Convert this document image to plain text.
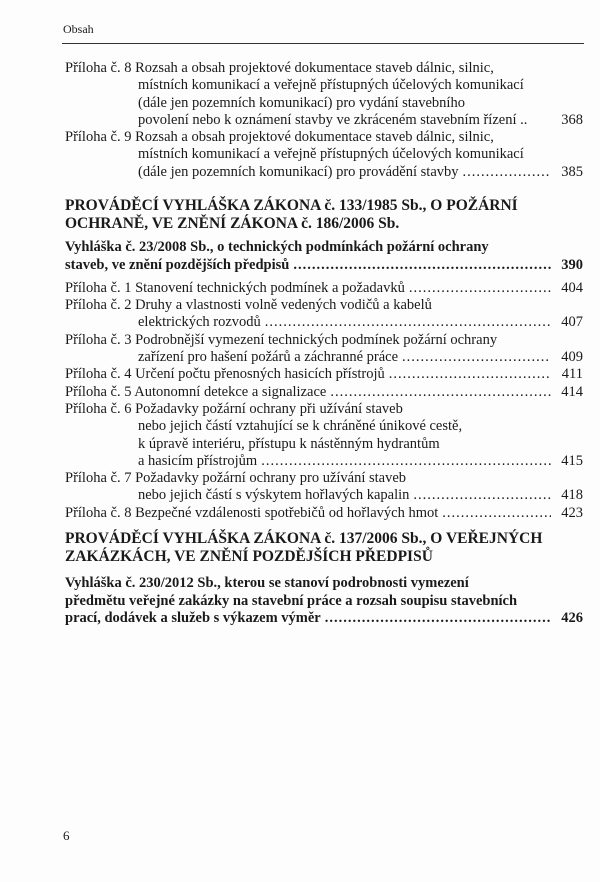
Obsah
Příloha č. 8 Rozsah a obsah projektové dokumentace staveb dálnic, silnic,
místních komunikací a veřejně přístupných účelových komunikací
(dále jen pozemních komunikací) pro vydání stavebního
povolení nebo k oznámení stavby ve zkráceném stavebním řízení .. 368
Příloha č. 9 Rozsah a obsah projektové dokumentace staveb dálnic, silnic,
místních komunikací a veřejně přístupných účelových komunikací
(dále jen pozemních komunikací) pro provádění stavby .....	385
PROVÁDĚCÍ VYHLÁŠKA ZÁKONA č. 133/1985 Sb., O POŽÁRNÍ
OCHRANĚ, VE ZNĚNÍ ZÁKONA č. 186/2006 Sb.
Vyhláška č. 23/2008 Sb., o technických podmínkách požární ochrany
staveb, ve znění pozdějších předpisů .....	390
Příloha č. 1 Stanovení technických podmínek a požadavků .....	404
Příloha č. 2 Druhy a vlastnosti volně vedených vodičů a kabelů
elektrických rozvodů .....	407
Příloha č. 3 Podrobnější vymezení technických podmínek požární ochrany
zařízení pro hašení požárů a záchranné práce .....	409
Příloha č. 4 Určení počtu přenosných hasicích přístrojů .....	411
Příloha č. 5 Autonomní detekce a signalizace .....	414
Příloha č. 6 Požadavky požární ochrany při užívání staveb
nebo jejich částí vztahující se k chráněné únikové cestě,
k úpravě interiéru, přístupu k nástěnným hydrantům
a hasicím přístrojům .....	415
Příloha č. 7 Požadavky požární ochrany pro užívání staveb
nebo jejich částí s výskytem hořlavých kapalin .....	418
Příloha č. 8 Bezpečné vzdálenosti spotřebičů od hořlavých hmot .....	423
PROVÁDĚCÍ VYHLÁŠKA ZÁKONA č. 137/2006 Sb., O VEŘEJNÝCH
ZAKÁZKÁCH, VE ZNĚNÍ POZDĚJŠÍCH PŘEDPISŮ
Vyhláška č. 230/2012 Sb., kterou se stanoví podrobnosti vymezení
předmětu veřejné zakázky na stavební práce a rozsah soupisu stavebních
prací, dodávek a služeb s výkazem výměr .....	426
6
